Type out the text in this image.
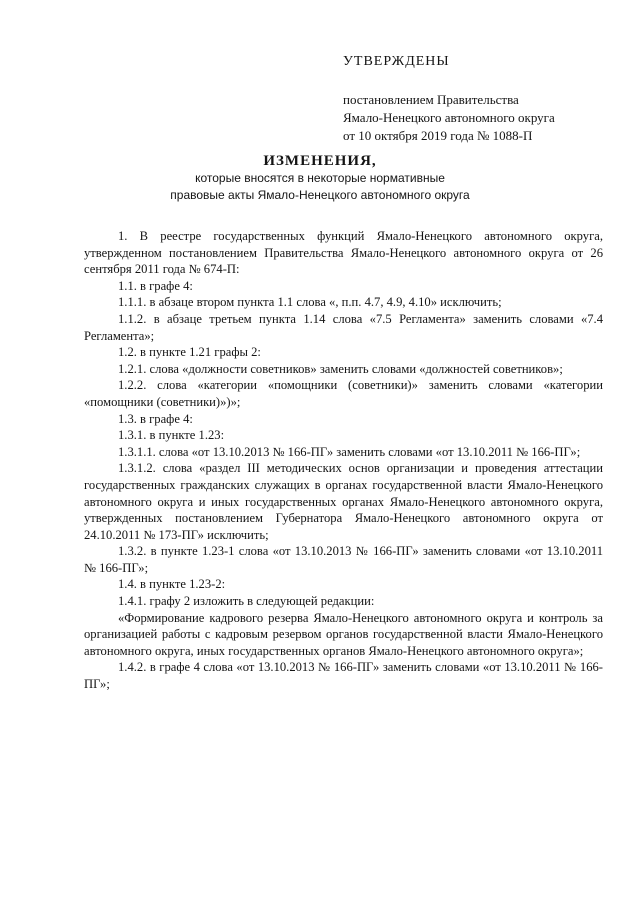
УТВЕРЖДЕНЫ
постановлением Правительства
Ямало-Ненецкого автономного округа
от 10 октября 2019 года № 1088-П
ИЗМЕНЕНИЯ,
которые вносятся в некоторые нормативные
правовые акты Ямало-Ненецкого автономного округа

1. В реестре государственных функций Ямало-Ненецкого автономного округа, утвержденном постановлением Правительства Ямало-Ненецкого автономного округа от 26 сентября 2011 года № 674-П:

1.1. в графе 4:

1.1.1. в абзаце втором пункта 1.1 слова «, п.п. 4.7, 4.9, 4.10» исключить;

1.1.2. в абзаце третьем пункта 1.14 слова «7.5 Регламента» заменить словами «7.4 Регламента»;

1.2. в пункте 1.21 графы 2:

1.2.1. слова «должности советников» заменить словами «должностей советников»;

1.2.2. слова «категории «помощники (советники)» заменить словами «категории «помощники (советники)»)»;

1.3. в графе 4:

1.3.1. в пункте 1.23:

1.3.1.1. слова «от 13.10.2013 № 166-ПГ» заменить словами «от 13.10.2011 № 166-ПГ»;

1.3.1.2. слова «раздел III методических основ организации и проведения аттестации государственных гражданских служащих в органах государственной власти Ямало-Ненецкого автономного округа и иных государственных органах Ямало-Ненецкого автономного округа, утвержденных постановлением Губернатора Ямало-Ненецкого автономного округа от 24.10.2011 № 173-ПГ» исключить;

1.3.2. в пункте 1.23-1 слова «от 13.10.2013 № 166-ПГ» заменить словами «от 13.10.2011 № 166-ПГ»;

1.4. в пункте 1.23-2:

1.4.1. графу 2 изложить в следующей редакции:

«Формирование кадрового резерва Ямало-Ненецкого автономного округа и контроль за организацией работы с кадровым резервом органов государственной власти Ямало-Ненецкого автономного округа, иных государственных органов Ямало-Ненецкого автономного округа»;

1.4.2. в графе 4 слова «от 13.10.2013 № 166-ПГ» заменить словами «от 13.10.2011 № 166-ПГ»;
